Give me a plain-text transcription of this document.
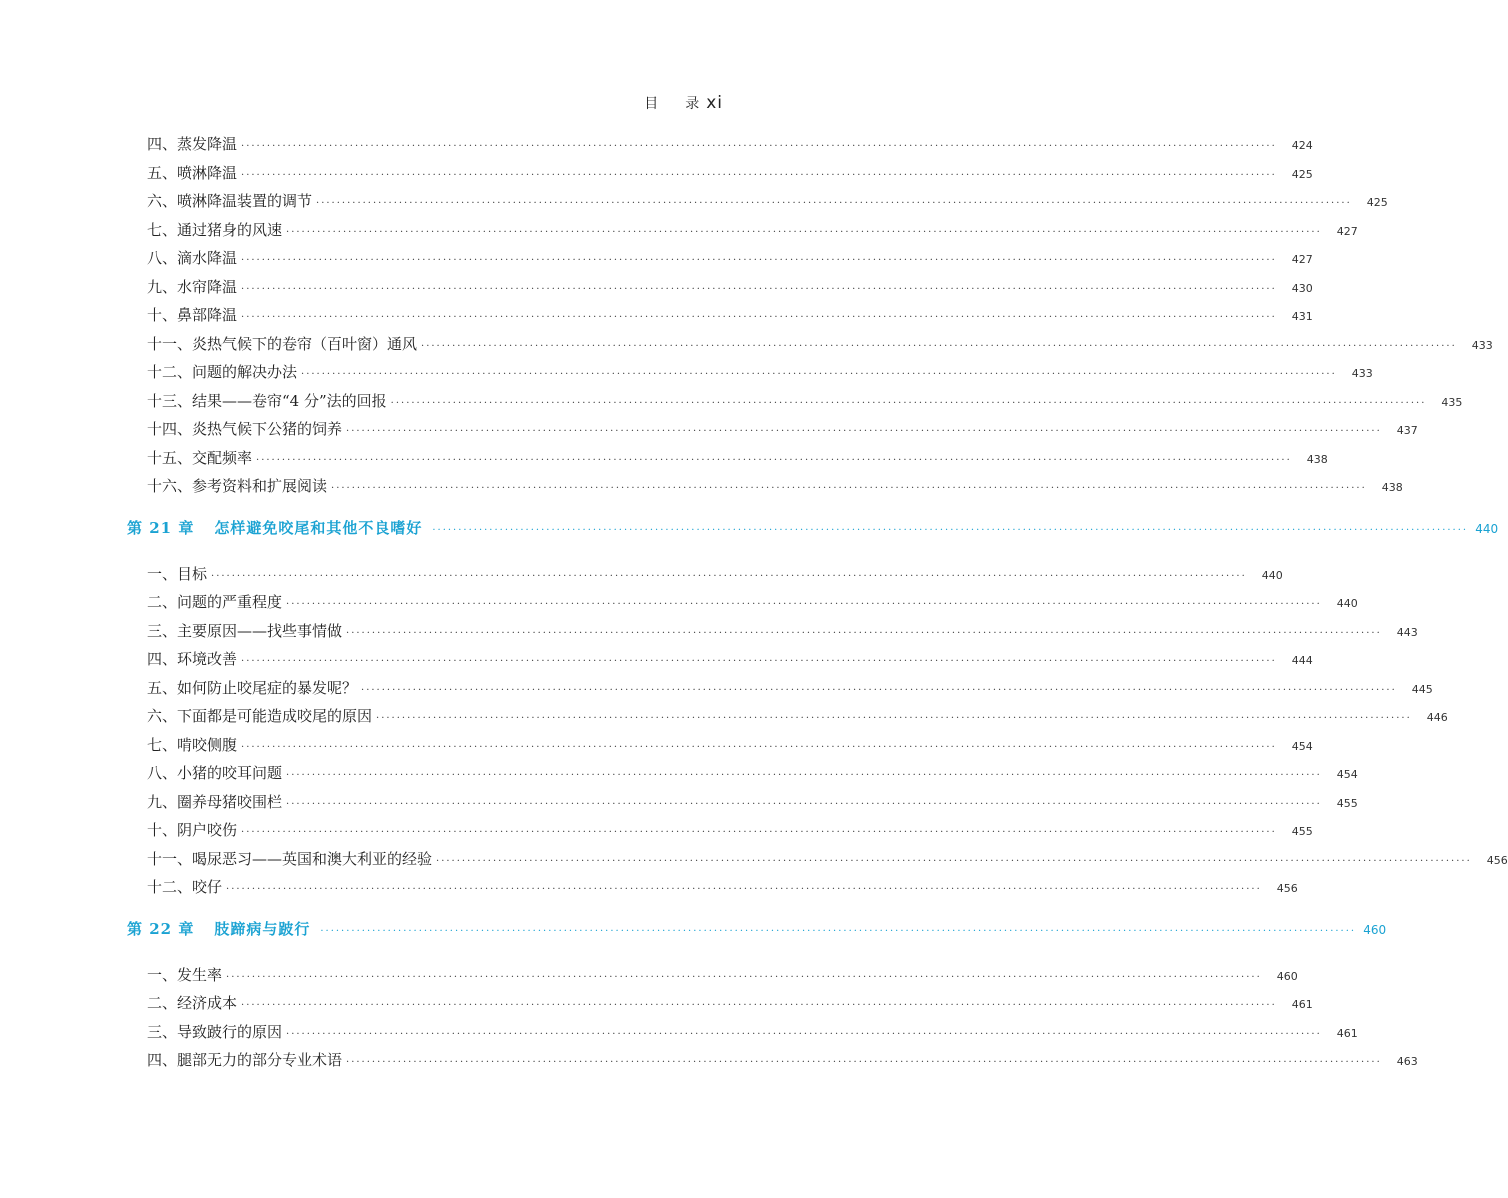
目 录 xi
四、蒸发降温 ········································································································································································································	424
五、喷淋降温 ········································································································································································································	425
六、喷淋降温装置的调节 ········································································································································································································	425
七、通过猪身的风速 ········································································································································································································	427
八、滴水降温 ········································································································································································································	427
九、水帘降温 ········································································································································································································	430
十、鼻部降温 ········································································································································································································	431
十一、炎热气候下的卷帘（百叶窗）通风 ········································································································································································································	433
十二、问题的解决办法 ········································································································································································································	433
十三、结果——卷帘“4 分”法的回报 ········································································································································································································	435
十四、炎热气候下公猪的饲养 ········································································································································································································	437
十五、交配频率 ········································································································································································································	438
十六、参考资料和扩展阅读 ········································································································································································································	438
第 21 章 怎样避免咬尾和其他不良嗜好	········································································································································································································ 440
一、目标 ········································································································································································································	440
二、问题的严重程度 ········································································································································································································	440
三、主要原因——找些事情做 ········································································································································································································	443
四、环境改善 ········································································································································································································	444
五、如何防止咬尾症的暴发呢？ ········································································································································································································	445
六、下面都是可能造成咬尾的原因 ········································································································································································································	446
七、啃咬侧腹 ········································································································································································································	454
八、小猪的咬耳问题 ········································································································································································································	454
九、圈养母猪咬围栏 ········································································································································································································	455
十、阴户咬伤 ········································································································································································································	455
十一、喝尿恶习——英国和澳大利亚的经验 ········································································································································································································	456
十二、咬仔 ········································································································································································································	456
第 22 章 肢蹄病与跛行	········································································································································································································ 460
一、发生率 ········································································································································································································	460
二、经济成本 ········································································································································································································	461
三、导致跛行的原因 ········································································································································································································	461
四、腿部无力的部分专业术语 ········································································································································································································	463
